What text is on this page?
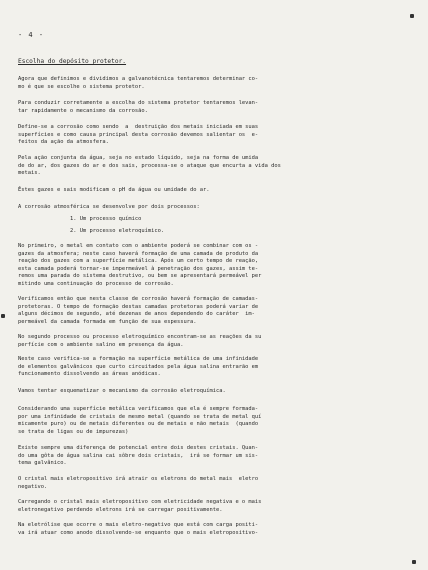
- 4 -
Escolha do depósito protetor.
Agora que definimos e dividimos a galvanotécnica tentaremos determinar co-
mo é que se escolhe o sistema protetor.
Para conduzir corretamente a escolha do sistema protetor tentaremos levan-
tar rapidamente o mecanismo da corrosão.
Define-se a corrosão como sendo  a  destruição dos metais iniciada em suas
superfícies e como causa principal desta corrosão devemos salientar os  e-
feitos da ação da atmosfera.
Pela ação conjunta da água, seja no estado líquido, seja na forma de umida
de do ar, dos gazes do ar e dos sais, processa-se o ataque que encurta a vida dos
metais.
Êstes gazes e sais modificam o pH da água ou umidade do ar.
A corrosão atmosférica se desenvolve por dois processos:
1. Um processo químico
2. Um processo eletroquímico.
No primeiro, o metal em contato com o ambiente poderá se combinar com os -
gazes da atmosfera; neste caso haverá formação de uma camada de produto da
reação dos gazes com a superfície metálica. Após um certo tempo de reação,
esta camada poderá tornar-se impermeável à penetração dos gazes, assim te-
remos uma parada do sistema destrutivo, ou bem se apresentará permeável per
mitindo uma continuação do processo de corrosão.
Verificamos então que nesta classe de corrosão haverá formação de camadas-
protetoras. O tempo de formação destas camadas protetoras poderá variar de
alguns décimos de segundo, até dezenas de anos dependendo do caráter  im-
permeável da camada formada em função de sua espessura.
No segundo processo ou processo eletroquímico encontram-se as reações da su
perfície com o ambiente salino em presença da água.
Neste caso verifica-se a formação na superfície metálica de uma infinidade
de elementos galvânicos que curto circuitados pela água salina entrarão em
funcionamento dissolvendo as áreas anódicas.
Vamos tentar esquematizar o mecanismo da corrosão eletroquímica.
Considerando uma superfície metálica verificamos que ela é sempre formada-
por uma infinidade de cristais de mesmo metal (quando se trata de metal quí
micamente puro) ou de metais diferentes ou de metais e não metais  (quando
se trata de ligas ou de impurezas)
Existe sempre uma diferença de potencial entre dois destes cristais. Quan-
do uma gôta de água salina cai sôbre dois cristais,  irá se formar um sis-
tema galvânico.
O cristal mais eletropositivo irá atrair os eletrons do metal mais  eletro
negativo.
Carregando o cristal mais eletropositivo com eletricidade negativa e o mais
eletronegativo perdendo eletrons irá se carregar positivamente.
Na eletrólise que ocorre o mais eletro-negativo que está com carga positi-
va irá atuar como anodo dissolvendo-se enquanto que o mais eletropositivo-
